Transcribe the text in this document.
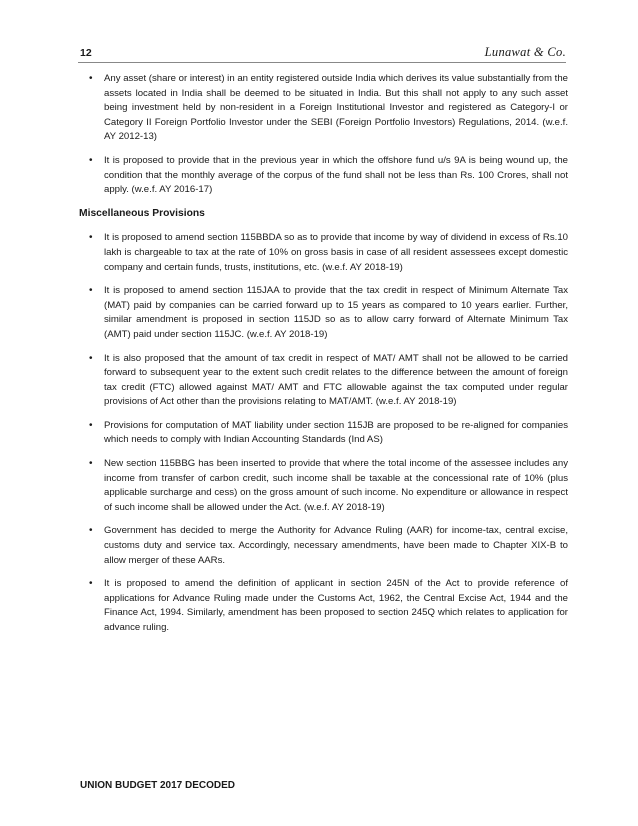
12	Lunawat & Co.
• Any asset (share or interest) in an entity registered outside India which derives its value substantially from the assets located in India shall be deemed to be situated in India. But this shall not apply to any such asset being investment held by non-resident in a Foreign Institutional Investor and registered as Category-I or Category II Foreign Portfolio Investor under the SEBI (Foreign Portfolio Investors) Regulations, 2014. (w.e.f. AY 2012-13)
• It is proposed to provide that in the previous year in which the offshore fund u/s 9A is being wound up, the condition that the monthly average of the corpus of the fund shall not be less than Rs. 100 Crores, shall not apply. (w.e.f. AY 2016-17)
Miscellaneous Provisions
• It is proposed to amend section 115BBDA so as to provide that income by way of dividend in excess of Rs.10 lakh is chargeable to tax at the rate of 10% on gross basis in case of all resident assessees except domestic company and certain funds, trusts, institutions, etc. (w.e.f. AY 2018-19)
• It is proposed to amend section 115JAA to provide that the tax credit in respect of Minimum Alternate Tax (MAT) paid by companies can be carried forward up to 15 years as compared to 10 years earlier. Further, similar amendment is proposed in section 115JD so as to allow carry forward of Alternate Minimum Tax (AMT) paid under section 115JC. (w.e.f. AY 2018-19)
• It is also proposed that the amount of tax credit in respect of MAT/ AMT shall not be allowed to be carried forward to subsequent year to the extent such credit relates to the difference between the amount of foreign tax credit (FTC) allowed against MAT/ AMT and FTC allowable against the tax computed under regular provisions of Act other than the provisions relating to MAT/AMT. (w.e.f. AY 2018-19)
• Provisions for computation of MAT liability under section 115JB are proposed to be re-aligned for companies which needs to comply with Indian Accounting Standards (Ind AS)
• New section 115BBG has been inserted to provide that where the total income of the assessee includes any income from transfer of carbon credit, such income shall be taxable at the concessional rate of 10% (plus applicable surcharge and cess) on the gross amount of such income. No expenditure or allowance in respect of such income shall be allowed under the Act. (w.e.f. AY 2018-19)
• Government has decided to merge the Authority for Advance Ruling (AAR) for income-tax, central excise, customs duty and service tax. Accordingly, necessary amendments, have been made to Chapter XIX-B to allow merger of these AARs.
• It is proposed to amend the definition of applicant in section 245N of the Act to provide reference of applications for Advance Ruling made under the Customs Act, 1962, the Central Excise Act, 1944 and the Finance Act, 1994. Similarly, amendment has been proposed to section 245Q which relates to application for advance ruling.
UNION BUDGET 2017 DECODED
